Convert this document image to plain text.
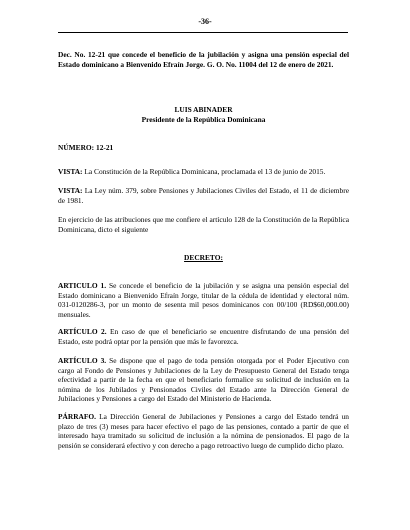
-36-

Dec. No. 12-21 que concede el beneficio de la jubilación y asigna una pensión especial del Estado dominicano a Bienvenido Efraín Jorge. G. O. No. 11004 del 12 de enero de 2021.

LUIS ABINADER
Presidente de la República Dominicana

NÚMERO: 12-21

VISTA: La Constitución de la República Dominicana, proclamada el 13 de junio de 2015.

VISTA: La Ley núm. 379, sobre Pensiones y Jubilaciones Civiles del Estado, el 11 de diciembre de 1981.

En ejercicio de las atribuciones que me confiere el artículo 128 de la Constitución de la República Dominicana, dicto el siguiente

DECRETO:

ARTICULO 1. Se concede el beneficio de la jubilación y se asigna una pensión especial del Estado dominicano a Bienvenido Efraín Jorge, titular de la cédula de identidad y electoral núm. 031-0120286-3, por un monto de sesenta mil pesos dominicanos con 00/100 (RD$60,000.00) mensuales.

ARTÍCULO 2. En caso de que el beneficiario se encuentre disfrutando de una pensión del Estado, este podrá optar por la pensión que más le favorezca.

ARTÍCULO 3. Se dispone que el pago de toda pensión otorgada por el Poder Ejecutivo con cargo al Fondo de Pensiones y Jubilaciones de la Ley de Presupuesto General del Estado tenga efectividad a partir de la fecha en que el beneficiario formalice su solicitud de inclusión en la nómina de los Jubilados y Pensionados Civiles del Estado ante la Dirección General de Jubilaciones y Pensiones a cargo del Estado del Ministerio de Hacienda.

PÁRRAFO. La Dirección General de Jubilaciones y Pensiones a cargo del Estado tendrá un plazo de tres (3) meses para hacer efectivo el pago de las pensiones, contado a partir de que el interesado haya tramitado su solicitud de inclusión a la nómina de pensionados. El pago de la pensión se considerará efectivo y con derecho a pago retroactivo luego de cumplido dicho plazo.
